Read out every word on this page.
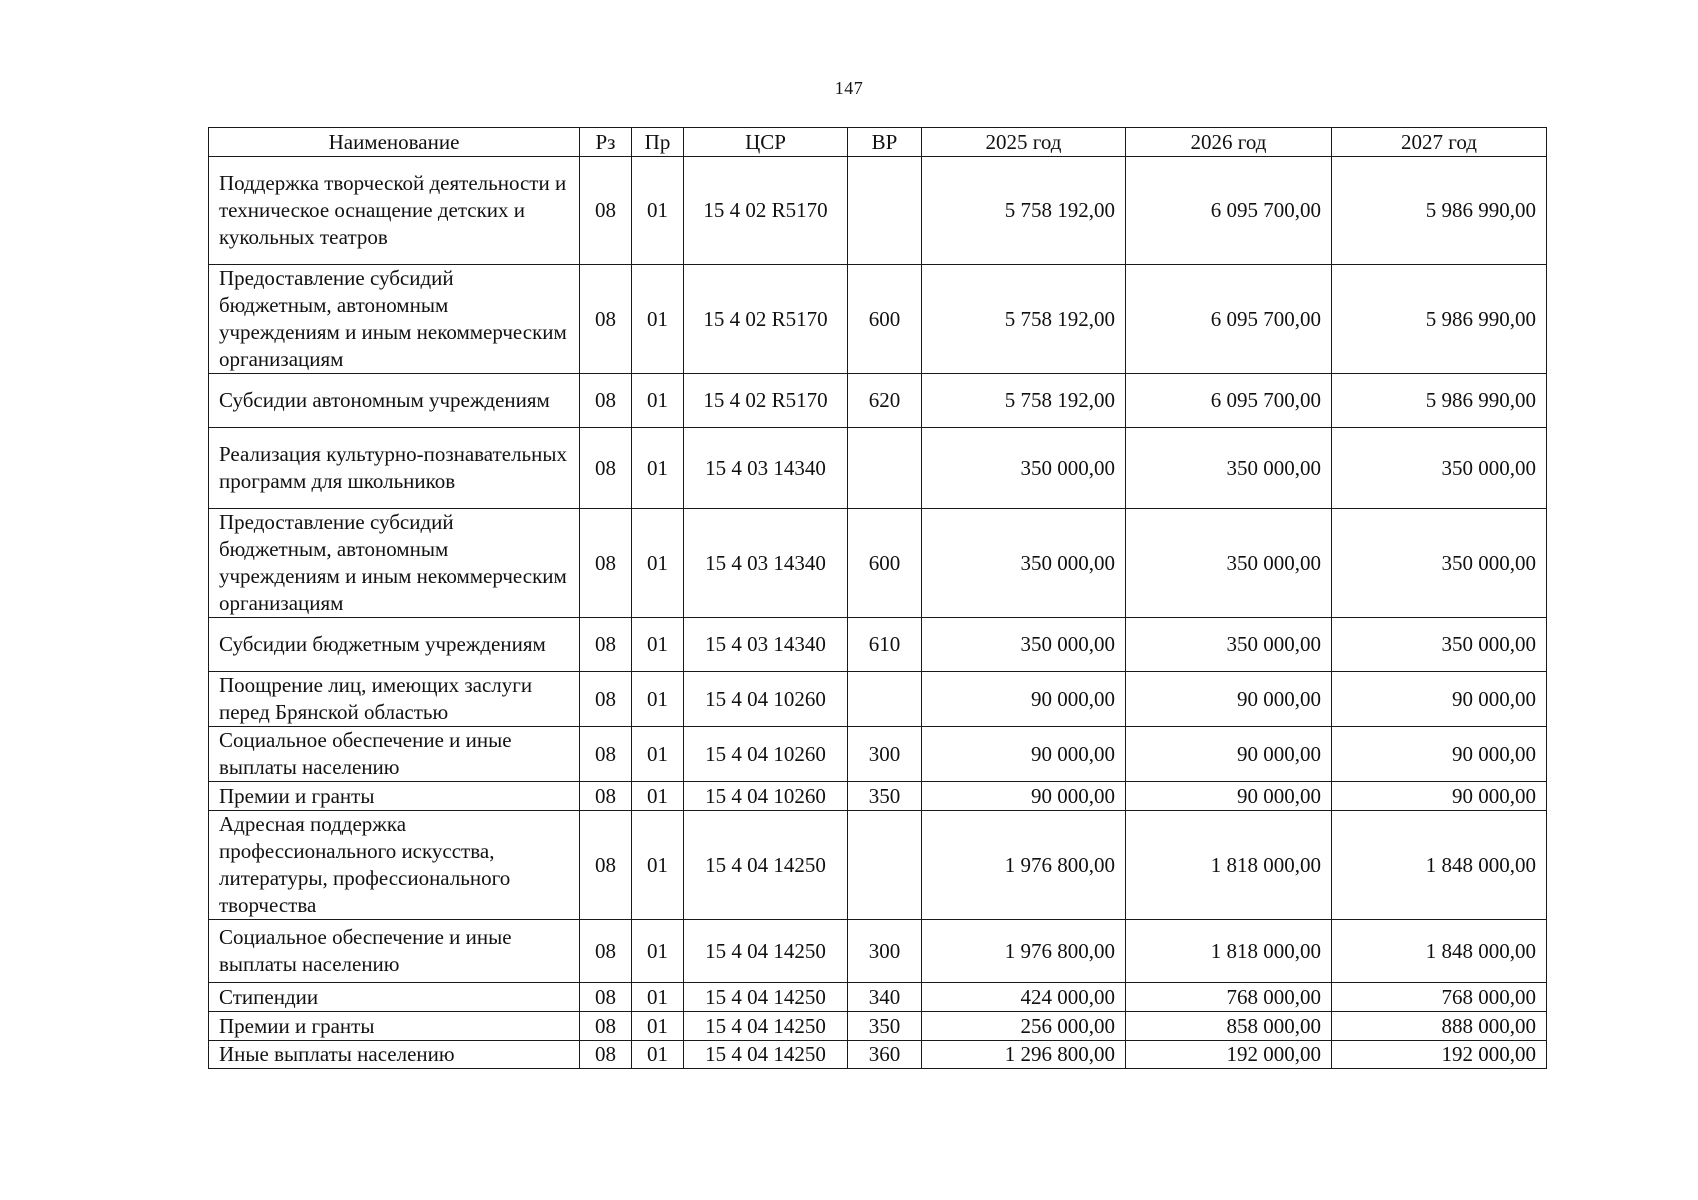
147
Наименование	Рз	Пр	ЦСР	ВР	2025 год	2026 год	2027 год
Поддержка творческой деятельности и техническое оснащение детских и кукольных театров	08	01	15 4 02 R5170		5 758 192,00	6 095 700,00	5 986 990,00
Предоставление субсидий бюджетным, автономным учреждениям и иным некоммерческим организациям	08	01	15 4 02 R5170	600	5 758 192,00	6 095 700,00	5 986 990,00
Субсидии автономным учреждениям	08	01	15 4 02 R5170	620	5 758 192,00	6 095 700,00	5 986 990,00
Реализация культурно-познавательных программ для школьников	08	01	15 4 03 14340		350 000,00	350 000,00	350 000,00
Предоставление субсидий бюджетным, автономным учреждениям и иным некоммерческим организациям	08	01	15 4 03 14340	600	350 000,00	350 000,00	350 000,00
Субсидии бюджетным учреждениям	08	01	15 4 03 14340	610	350 000,00	350 000,00	350 000,00
Поощрение лиц, имеющих заслуги перед Брянской областью	08	01	15 4 04 10260		90 000,00	90 000,00	90 000,00
Социальное обеспечение и иные выплаты населению	08	01	15 4 04 10260	300	90 000,00	90 000,00	90 000,00
Премии и гранты	08	01	15 4 04 10260	350	90 000,00	90 000,00	90 000,00
Адресная поддержка профессионального искусства, литературы, профессионального творчества	08	01	15 4 04 14250		1 976 800,00	1 818 000,00	1 848 000,00
Социальное обеспечение и иные выплаты населению	08	01	15 4 04 14250	300	1 976 800,00	1 818 000,00	1 848 000,00
Стипендии	08	01	15 4 04 14250	340	424 000,00	768 000,00	768 000,00
Премии и гранты	08	01	15 4 04 14250	350	256 000,00	858 000,00	888 000,00
Иные выплаты населению	08	01	15 4 04 14250	360	1 296 800,00	192 000,00	192 000,00
